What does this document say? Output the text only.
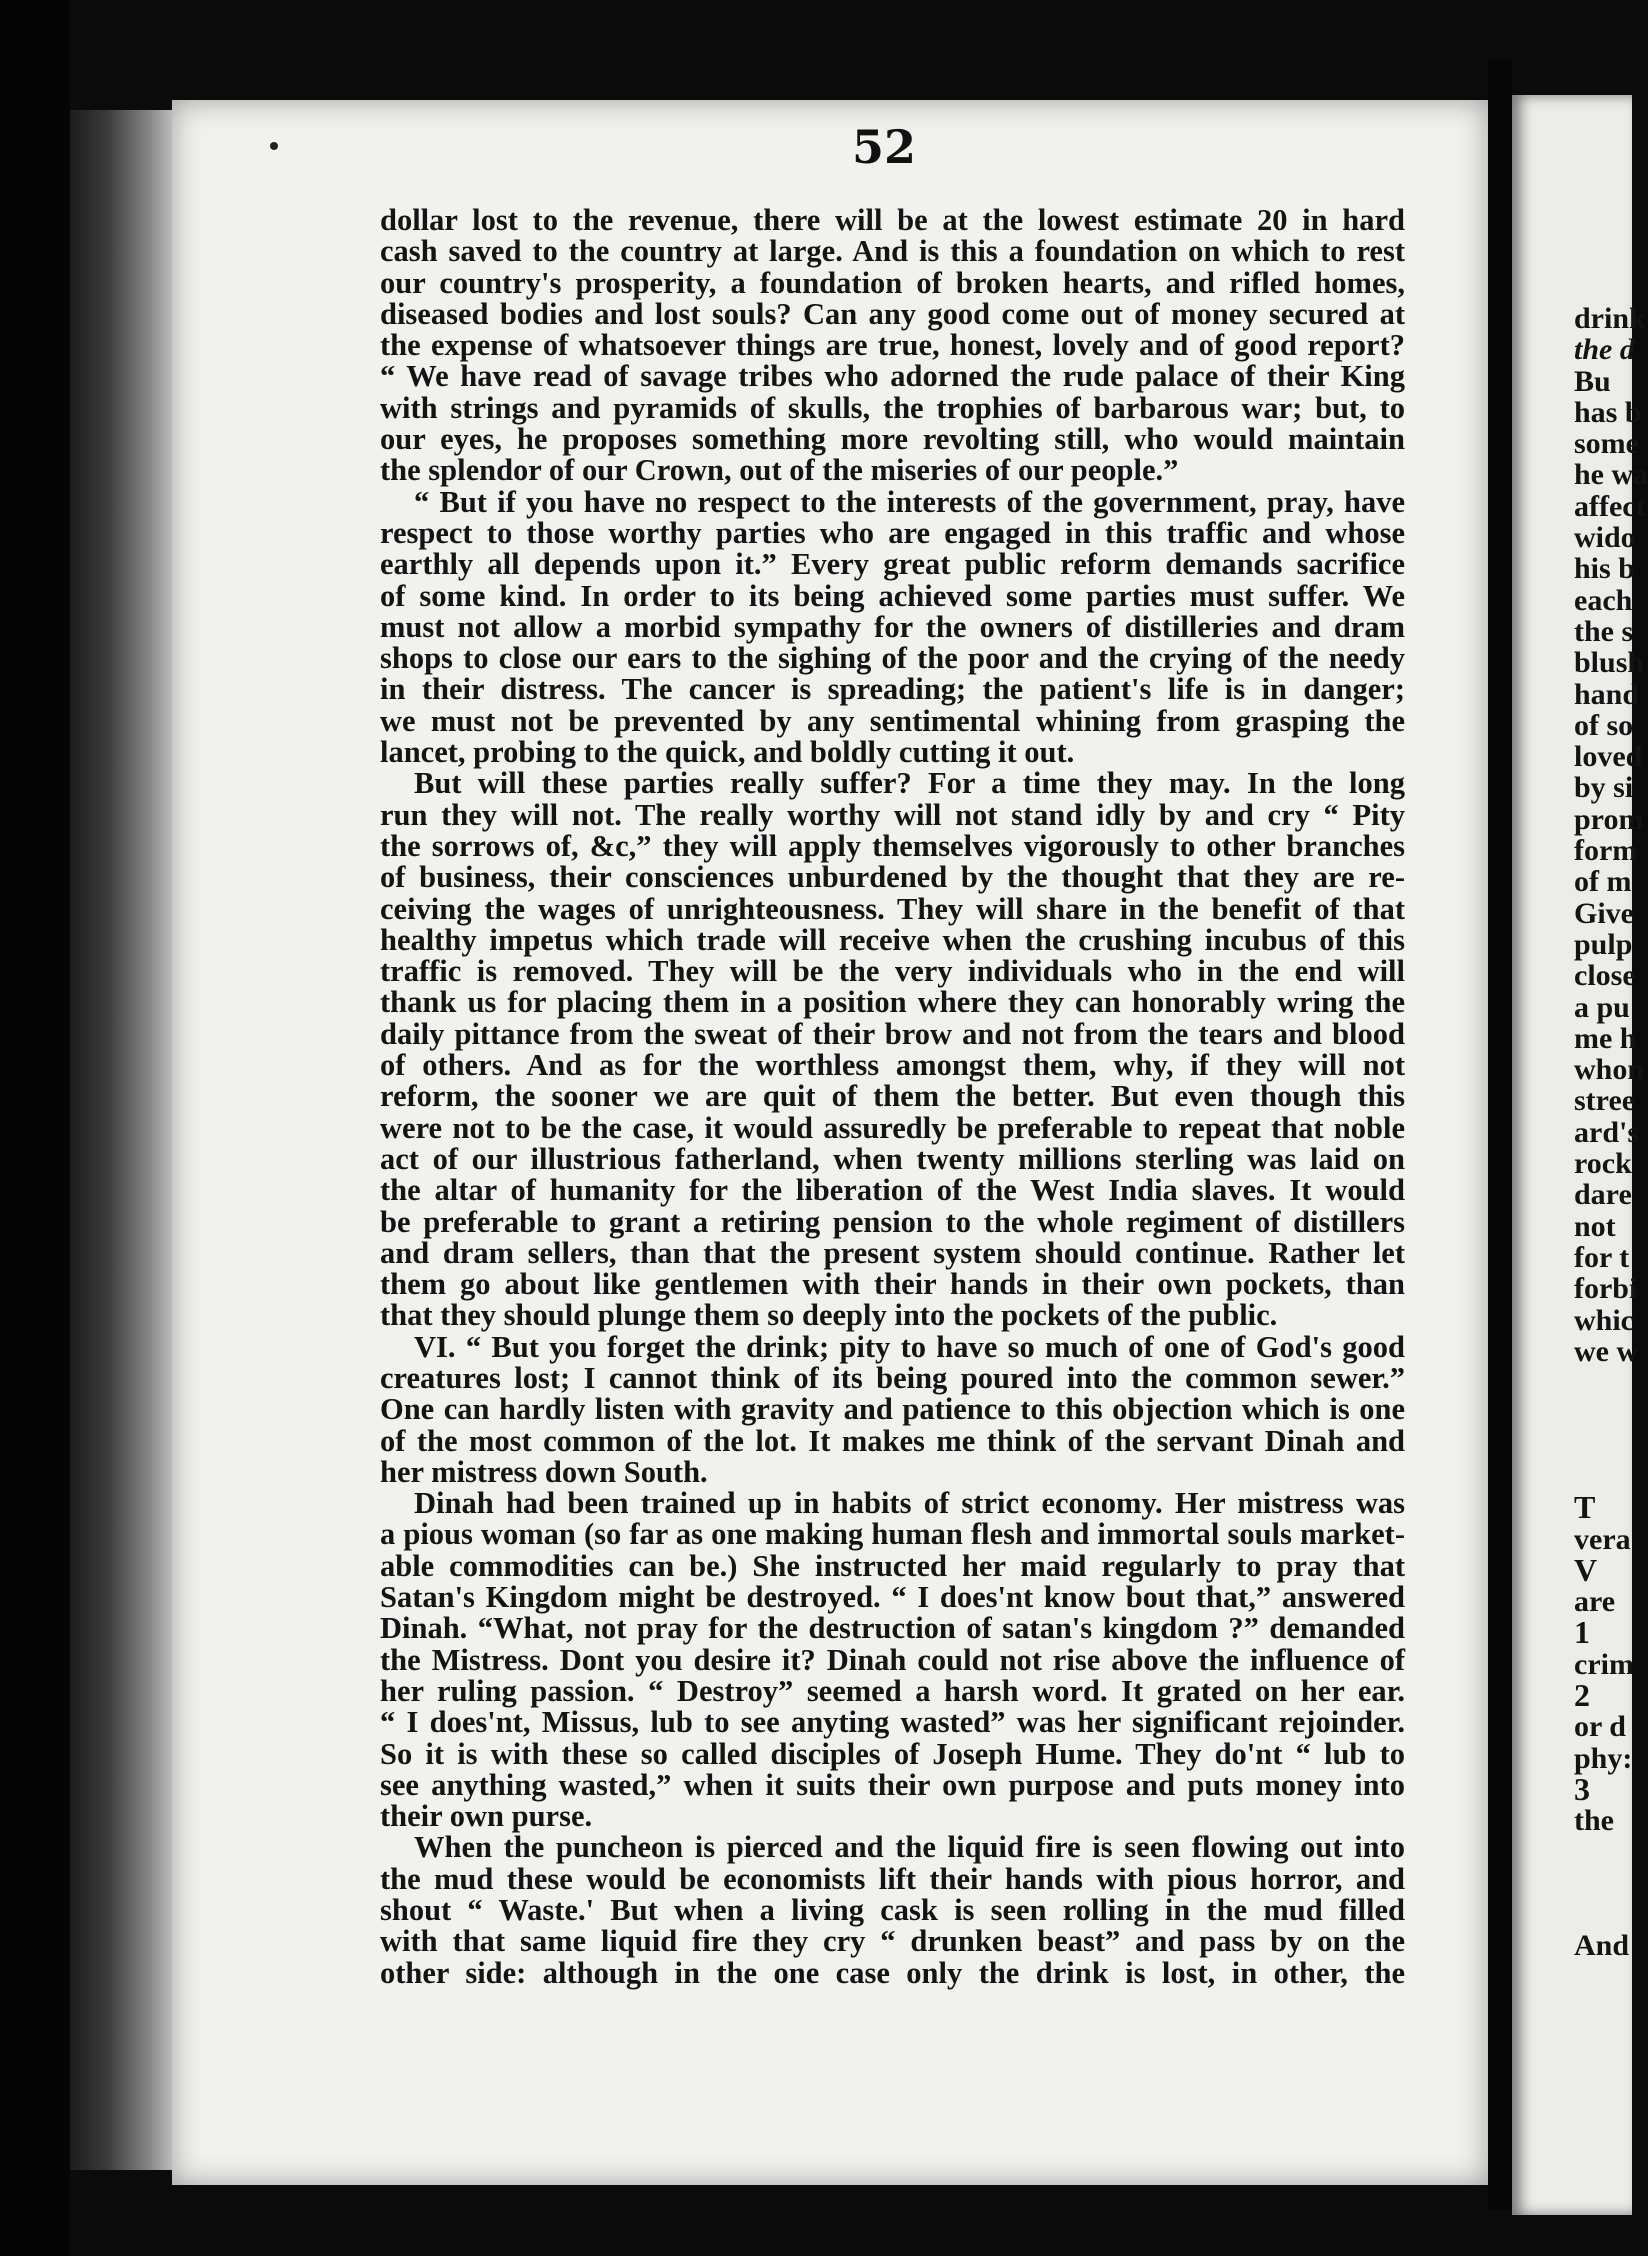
52
dollar lost to the revenue, there will be at the lowest estimate 20 in hard
cash saved to the country at large. And is this a foundation on which to rest
our country's prosperity, a foundation of broken hearts, and rifled homes,
diseased bodies and lost souls? Can any good come out of money secured at
the expense of whatsoever things are true, honest, lovely and of good report?
“ We have read of savage tribes who adorned the rude palace of their King
with strings and pyramids of skulls, the trophies of barbarous war; but, to
our eyes, he proposes something more revolting still, who would maintain
the splendor of our Crown, out of the miseries of our people.”
“ But if you have no respect to the interests of the government, pray, have
respect to those worthy parties who are engaged in this traffic and whose
earthly all depends upon it.” Every great public reform demands sacrifice
of some kind. In order to its being achieved some parties must suffer. We
must not allow a morbid sympathy for the owners of distilleries and dram
shops to close our ears to the sighing of the poor and the crying of the needy
in their distress. The cancer is spreading; the patient's life is in danger;
we must not be prevented by any sentimental whining from grasping the
lancet, probing to the quick, and boldly cutting it out.
But will these parties really suffer? For a time they may. In the long
run they will not. The really worthy will not stand idly by and cry “ Pity
the sorrows of, &c,” they will apply themselves vigorously to other branches
of business, their consciences unburdened by the thought that they are re-
ceiving the wages of unrighteousness. They will share in the benefit of that
healthy impetus which trade will receive when the crushing incubus of this
traffic is removed. They will be the very individuals who in the end will
thank us for placing them in a position where they can honorably wring the
daily pittance from the sweat of their brow and not from the tears and blood
of others. And as for the worthless amongst them, why, if they will not
reform, the sooner we are quit of them the better. But even though this
were not to be the case, it would assuredly be preferable to repeat that noble
act of our illustrious fatherland, when twenty millions sterling was laid on
the altar of humanity for the liberation of the West India slaves. It would
be preferable to grant a retiring pension to the whole regiment of distillers
and dram sellers, than that the present system should continue. Rather let
them go about like gentlemen with their hands in their own pockets, than
that they should plunge them so deeply into the pockets of the public.
VI. “ But you forget the drink; pity to have so much of one of God's good
creatures lost; I cannot think of its being poured into the common sewer.”
One can hardly listen with gravity and patience to this objection which is one
of the most common of the lot. It makes me think of the servant Dinah and
her mistress down South.
Dinah had been trained up in habits of strict economy. Her mistress was
a pious woman (so far as one making human flesh and immortal souls market-
able commodities can be.) She instructed her maid regularly to pray that
Satan's Kingdom might be destroyed. “ I does'nt know bout that,” answered
Dinah. “What, not pray for the destruction of satan's kingdom ?” demanded
the Mistress. Dont you desire it? Dinah could not rise above the influence of
her ruling passion. “ Destroy” seemed a harsh word. It grated on her ear.
“ I does'nt, Missus, lub to see anyting wasted” was her significant rejoinder.
So it is with these so called disciples of Joseph Hume. They do'nt “ lub to
see anything wasted,” when it suits their own purpose and puts money into
their own purse.
When the puncheon is pierced and the liquid fire is seen flowing out into
the mud these would be economists lift their hands with pious horror, and
shout “ Waste.' But when a living cask is seen rolling in the mud filled
with that same liquid fire they cry “ drunken beast” and pass by on the
other side: although in the one case only the drink is lost, in other, the
drink
the d
Bu
has b
some
he wa
affect
wido
his b
each
the s
blush
hand
of so
loved
by si
prom
form
of m
Give
pulp
close
a pu
me h
whon
stree
ard's
rock
dare
not
for t
forbi
whic
we w
T
vera
V
are
1
crim
2
or d
phy:
3
the
And
